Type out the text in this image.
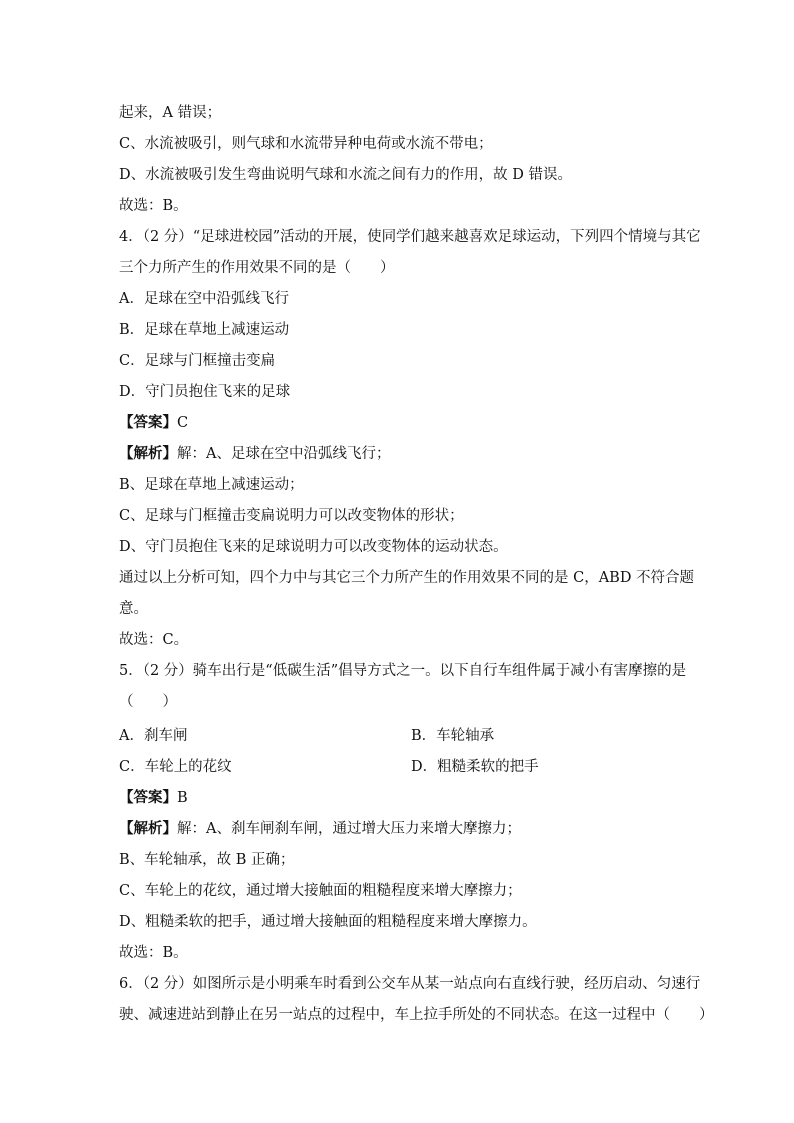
起来，A 错误；
C、水流被吸引，则气球和水流带异种电荷或水流不带电；
D、水流被吸引发生弯曲说明气球和水流之间有力的作用，故 D 错误。
故选：B。
4．（2 分）“足球进校园”活动的开展，使同学们越来越喜欢足球运动，下列四个情境与其它
三个力所产生的作用效果不同的是（　　）
A．足球在空中沿弧线飞行
B．足球在草地上减速运动
C．足球与门框撞击变扁
D．守门员抱住飞来的足球
【答案】C
【解析】解：A、足球在空中沿弧线飞行；
B、足球在草地上减速运动；
C、足球与门框撞击变扁说明力可以改变物体的形状；
D、守门员抱住飞来的足球说明力可以改变物体的运动状态。
通过以上分析可知，四个力中与其它三个力所产生的作用效果不同的是 C，ABD 不符合题
意。
故选：C。
5．（2 分）骑车出行是“低碳生活”倡导方式之一。以下自行车组件属于减小有害摩擦的是
（　　）
A．刹车闸	B．车轮轴承
C．车轮上的花纹	D．粗糙柔软的把手
【答案】B
【解析】解：A、刹车闸刹车闸，通过增大压力来增大摩擦力；
B、车轮轴承，故 B 正确；
C、车轮上的花纹，通过增大接触面的粗糙程度来增大摩擦力；
D、粗糙柔软的把手，通过增大接触面的粗糙程度来增大摩擦力。
故选：B。
6．（2 分）如图所示是小明乘车时看到公交车从某一站点向右直线行驶，经历启动、匀速行
驶、减速进站到静止在另一站点的过程中，车上拉手所处的不同状态。在这一过程中（　　）
